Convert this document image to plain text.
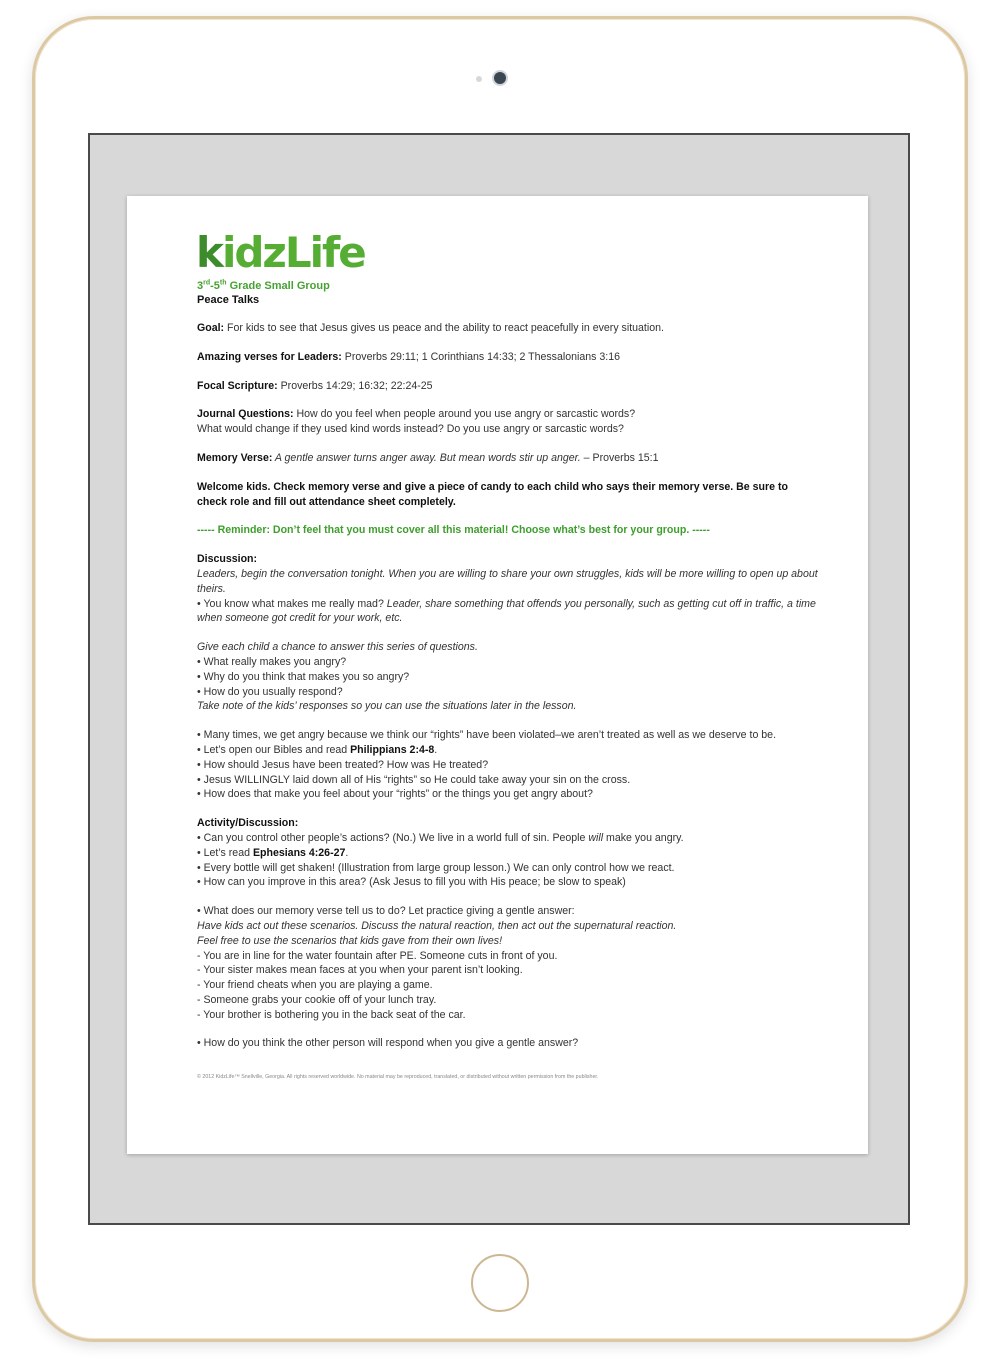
kidzLife
3rd-5th Grade Small Group
Peace Talks
Goal: For kids to see that Jesus gives us peace and the ability to react peacefully in every situation.
Amazing verses for Leaders: Proverbs 29:11; 1 Corinthians 14:33; 2 Thessalonians 3:16
Focal Scripture: Proverbs 14:29; 16:32; 22:24-25
Journal Questions: How do you feel when people around you use angry or sarcastic words?
What would change if they used kind words instead? Do you use angry or sarcastic words?
Memory Verse: A gentle answer turns anger away. But mean words stir up anger. – Proverbs 15:1
Welcome kids. Check memory verse and give a piece of candy to each child who says their memory verse. Be sure to check role and fill out attendance sheet completely.
----- Reminder: Don’t feel that you must cover all this material! Choose what’s best for your group. -----
Discussion:
Leaders, begin the conversation tonight. When you are willing to share your own struggles, kids will be more willing to open up about theirs.
• You know what makes me really mad? Leader, share something that offends you personally, such as getting cut off in traffic, a time when someone got credit for your work, etc.
Give each child a chance to answer this series of questions.
• What really makes you angry?
• Why do you think that makes you so angry?
• How do you usually respond?
Take note of the kids’ responses so you can use the situations later in the lesson.
• Many times, we get angry because we think our “rights” have been violated–we aren’t treated as well as we deserve to be.
• Let’s open our Bibles and read Philippians 2:4-8.
• How should Jesus have been treated? How was He treated?
• Jesus WILLINGLY laid down all of His “rights” so He could take away your sin on the cross.
• How does that make you feel about your “rights” or the things you get angry about?
Activity/Discussion:
• Can you control other people’s actions? (No.) We live in a world full of sin. People will make you angry.
• Let’s read Ephesians 4:26-27.
• Every bottle will get shaken! (Illustration from large group lesson.) We can only control how we react.
• How can you improve in this area? (Ask Jesus to fill you with His peace; be slow to speak)
• What does our memory verse tell us to do? Let practice giving a gentle answer:
Have kids act out these scenarios. Discuss the natural reaction, then act out the supernatural reaction.
Feel free to use the scenarios that kids gave from their own lives!
- You are in line for the water fountain after PE. Someone cuts in front of you.
- Your sister makes mean faces at you when your parent isn’t looking.
- Your friend cheats when you are playing a game.
- Someone grabs your cookie off of your lunch tray.
- Your brother is bothering you in the back seat of the car.
• How do you think the other person will respond when you give a gentle answer?
© 2012 KidzLife™ Snellville, Georgia. All rights reserved worldwide. No material may be reproduced, translated, or distributed without written permission from the publisher.
